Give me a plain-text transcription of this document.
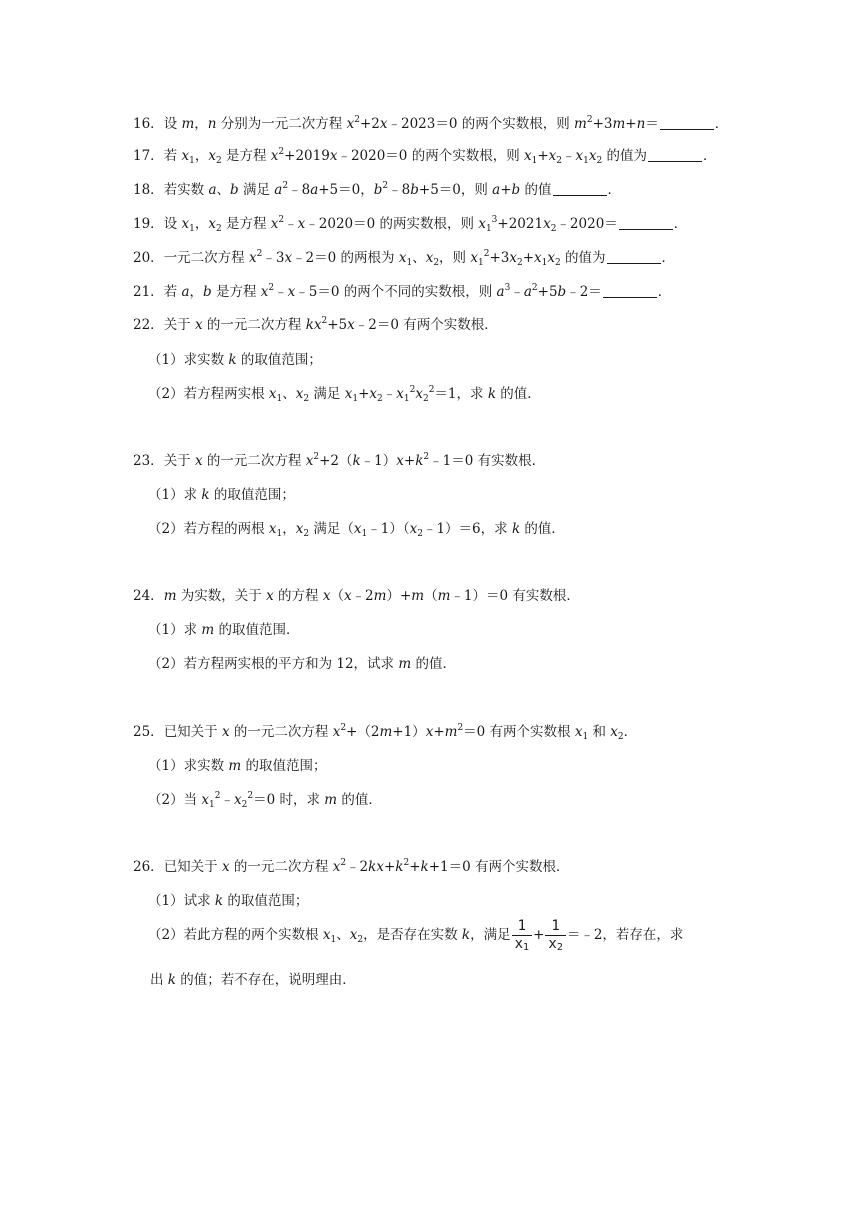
16．设 m，n 分别为一元二次方程 $x^2+2x﹣2023=0$ 的两个实数根，则 $m^2+3m+n=$	．
17．若 $x_1$，$x_2$ 是方程 $x^2+2019x﹣2020=0$ 的两个实数根，则 $x_1+x_2﹣x_1x_2$ 的值为	．
18．若实数 a、b 满足 $a^2﹣8a+5=0$，$b^2﹣8b+5=0$，则 a+b 的值	．
19．设 $x_1$，$x_2$ 是方程 $x^2﹣x﹣2020=0$ 的两实数根，则 $x_1^3+2021x_2﹣2020=$	．
20．一元二次方程 $x^2﹣3x﹣2=0$ 的两根为 $x_1$、$x_2$，则 $x_1^2+3x_2+x_1x_2$ 的值为	．
21．若 a，b 是方程 $x^2﹣x﹣5=0$ 的两个不同的实数根，则 $a^3﹣a^2+5b﹣2=$	．
22．关于 x 的一元二次方程 $kx^2+5x﹣2=0$ 有两个实数根．
（1）求实数 k 的取值范围；
（2）若方程两实根 $x_1$、$x_2$ 满足 $x_1+x_2﹣x_1^2x_2^2=1$，求 k 的值．
23．关于 x 的一元二次方程 $x^2+2(k﹣1)x+k^2﹣1=0$ 有实数根．
（1）求 k 的取值范围；
（2）若方程的两根 $x_1$，$x_2$ 满足$(x_1﹣1)(x_2﹣1)=6$，求 k 的值．
24．m 为实数，关于 x 的方程 x（x﹣2m）+m（m﹣1）＝0 有实数根．
（1）求 m 的取值范围．
（2）若方程两实根的平方和为 12，试求 m 的值．
25．已知关于 x 的一元二次方程 $x^2+(2m+1)x+m^2=0$ 有两个实数根 $x_1$ 和 $x_2$．
（1）求实数 m 的取值范围；
（2）当 $x_1^2﹣x_2^2=0$ 时，求 m 的值．
26．已知关于 x 的一元二次方程 $x^2﹣2kx+k^2+k+1=0$ 有两个实数根．
（1）试求 k 的取值范围；
（2）若此方程的两个实数根 $x_1$、$x_2$，是否存在实数 k，满足 $\frac{1}{x_1} + \frac{1}{x_2}$ ＝﹣2，若存在，求
出 k 的值；若不存在，说明理由．
